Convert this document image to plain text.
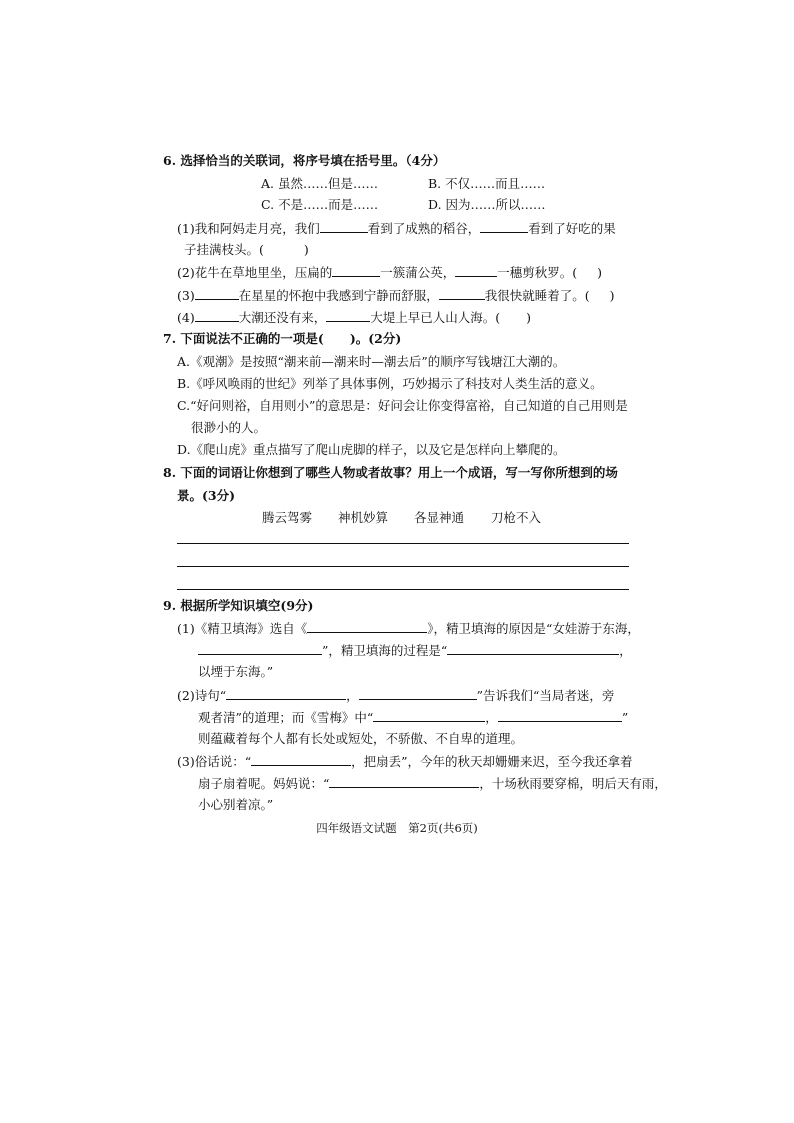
6. 选择恰当的关联词，将序号填在括号里。（4分）
A. 虽然……但是……	B. 不仅……而且……
C. 不是……而是……	D. 因为……所以……
(1)我和阿妈走月亮，我们	看到了成熟的稻谷，	看到了好吃的果
子挂满枝头。(	)
(2)花牛在草地里坐，压扁的	一簇蒲公英，	一穗剪秋罗。( )
(3)	在星星的怀抱中我感到宁静而舒服，	我很快就睡着了。( )
(4)	大潮还没有来，	大堤上早已人山人海。( )
7. 下面说法不正确的一项是( )。(2分)
A.《观潮》是按照“潮来前—潮来时—潮去后”的顺序写钱塘江大潮的。
B.《呼风唤雨的世纪》列举了具体事例，巧妙揭示了科技对人类生活的意义。
C.“好问则裕，自用则小”的意思是：好问会让你变得富裕，自己知道的自己用则是
很渺小的人。
D.《爬山虎》重点描写了爬山虎脚的样子，以及它是怎样向上攀爬的。
8. 下面的词语让你想到了哪些人物或者故事？用上一个成语，写一写你所想到的场
景。(3分)
腾云驾雾 神机妙算 各显神通 刀枪不入
9. 根据所学知识填空(9分)
(1)《精卫填海》选自《	》，精卫填海的原因是“女娃游于东海，
”，精卫填海的过程是“	，
以堙于东海。”
(2)诗句“	，	”告诉我们“当局者迷，旁
观者清”的道理；而《雪梅》中“	，	”
则蕴藏着每个人都有长处或短处，不骄傲、不自卑的道理。
(3)俗话说：“	，把扇丢”，今年的秋天却姗姗来迟，至今我还拿着
扇子扇着呢。妈妈说：“	，十场秋雨要穿棉，明后天有雨，
小心别着凉。”
四年级语文试题　第2页(共6页)
